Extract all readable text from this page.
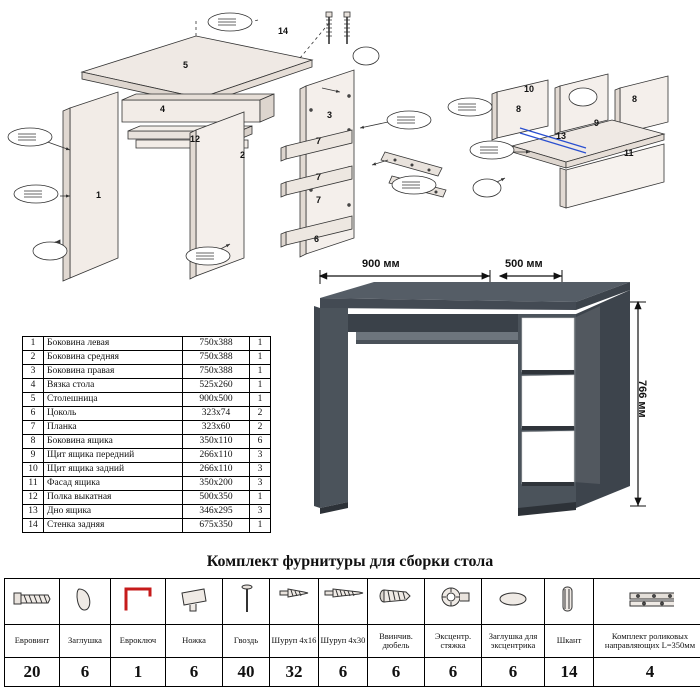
1
2
3
4
5
6
7
7
7
8
8
9
10
11
12	13
14
1	Боковина левая	750x388	1
2	Боковина средняя	750x388	1
3	Боковина правая	750x388	1
4	Вязка стола	525x260	1
5	Столешница	900x500	1
6	Цоколь	323x74	2
7	Планка	323x60	2
8	Боковина ящика	350x110	6
9	Щит ящика передний	266x110	3
10	Щит ящика задний	266x110	3
11	Фасад ящика	350x200	3
12	Полка выкатная	500x350	1
13	Дно ящика	346x295	3
14	Стенка задняя	675x350	1
900 мм	500 мм
766 мм
Комплект фурнитуры для сборки стола

Евровинт	Заглушка	Евроключ	Ножка	Гвоздь	Шуруп 4х16	Шуруп 4х30	Ввинчив. дюбель	Эксцентр. стяжка	Заглушка для эксцентрика	Шкант	Комплект роликовых направляющих L=350мм
20	6	1	6	40	32	6	6	6	6	14	4
